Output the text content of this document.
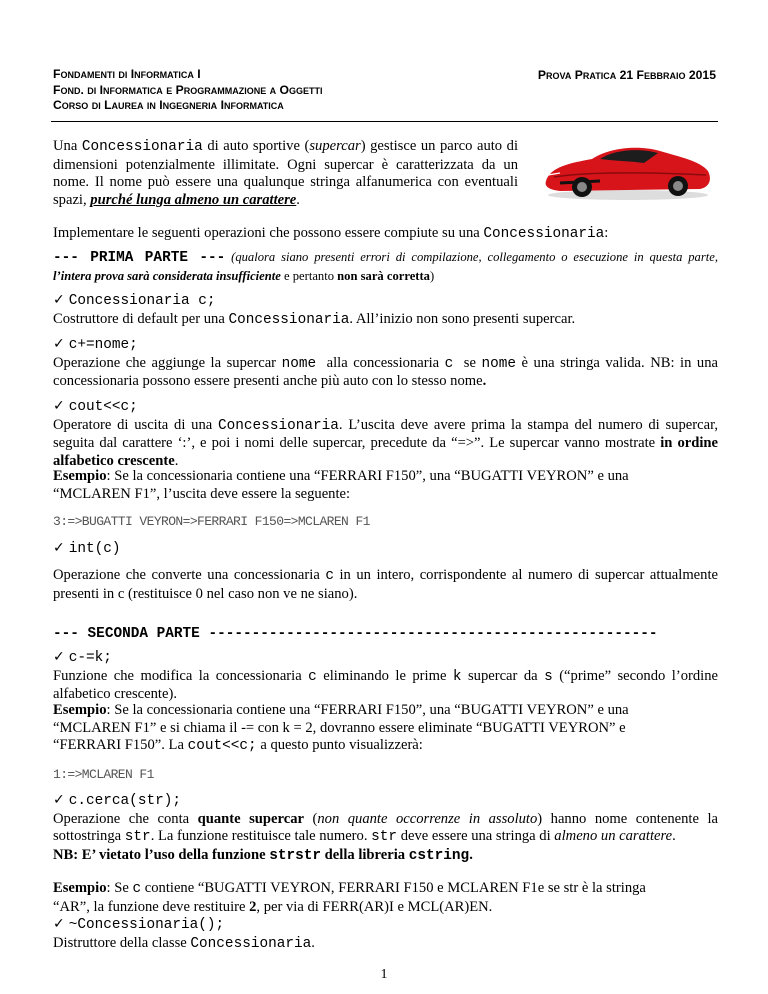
Fondamenti di Informatica I
Fond. di Informatica e Programmazione a Oggetti
Corso di Laurea in Ingegneria Informatica
Prova Pratica 21 Febbraio 2015

Una Concessionaria di auto sportive (supercar) gestisce un parco auto di dimensioni potenzialmente illimitate. Ogni supercar è caratterizzata da un nome. Il nome può essere una qualunque stringa alfanumerica con eventuali spazi, purché lunga almeno un carattere.

Implementare le seguenti operazioni che possono essere compiute su una Concessionaria:

--- PRIMA PARTE --- (qualora siano presenti errori di compilazione, collegamento o esecuzione in questa parte, l’intera prova sarà considerata insufficiente e pertanto non sarà corretta)

✓ Concessionaria c;
Costruttore di default per una Concessionaria. All’inizio non sono presenti supercar.

✓ c+=nome;
Operazione che aggiunge la supercar nome alla concessionaria c se nome è una stringa valida. NB: in una concessionaria possono essere presenti anche più auto con lo stesso nome.

✓ cout<<c;
Operatore di uscita di una Concessionaria. L’uscita deve avere prima la stampa del numero di supercar, seguita dal carattere ‘:’, e poi i nomi delle supercar, precedute da “=>”. Le supercar vanno mostrate in ordine alfabetico crescente.

Esempio: Se la concessionaria contiene una “FERRARI F150”, una “BUGATTI VEYRON” e una
“MCLAREN F1”, l’uscita deve essere la seguente:

3:=>BUGATTI VEYRON=>FERRARI F150=>MCLAREN F1

✓ int(c)

Operazione che converte una concessionaria c in un intero, corrispondente al numero di supercar attualmente presenti in c (restituisce 0 nel caso non ve ne siano).

--- SECONDA PARTE ----------------------------------------------------

✓ c-=k;
Funzione che modifica la concessionaria c eliminando le prime k supercar da s (“prime” secondo l’ordine alfabetico crescente).

Esempio: Se la concessionaria contiene una “FERRARI F150”, una “BUGATTI VEYRON” e una
“MCLAREN F1” e si chiama il -= con k = 2, dovranno essere eliminate “BUGATTI VEYRON” e
“FERRARI F150”. La cout<<c; a questo punto visualizzerà:

1:=>MCLAREN F1

✓ c.cerca(str);
Operazione che conta quante supercar (non quante occorrenze in assoluto) hanno nome contenente la sottostringa str. La funzione restituisce tale numero. str deve essere una stringa di almeno un carattere.
NB: E’ vietato l’uso della funzione strstr della libreria cstring.

Esempio: Se c contiene “BUGATTI VEYRON, FERRARI F150 e MCLAREN F1e se str è la stringa
“AR”, la funzione deve restituire 2, per via di FERR(AR)I e MCL(AR)EN.

✓ ~Concessionaria();
Distruttore della classe Concessionaria.

1
